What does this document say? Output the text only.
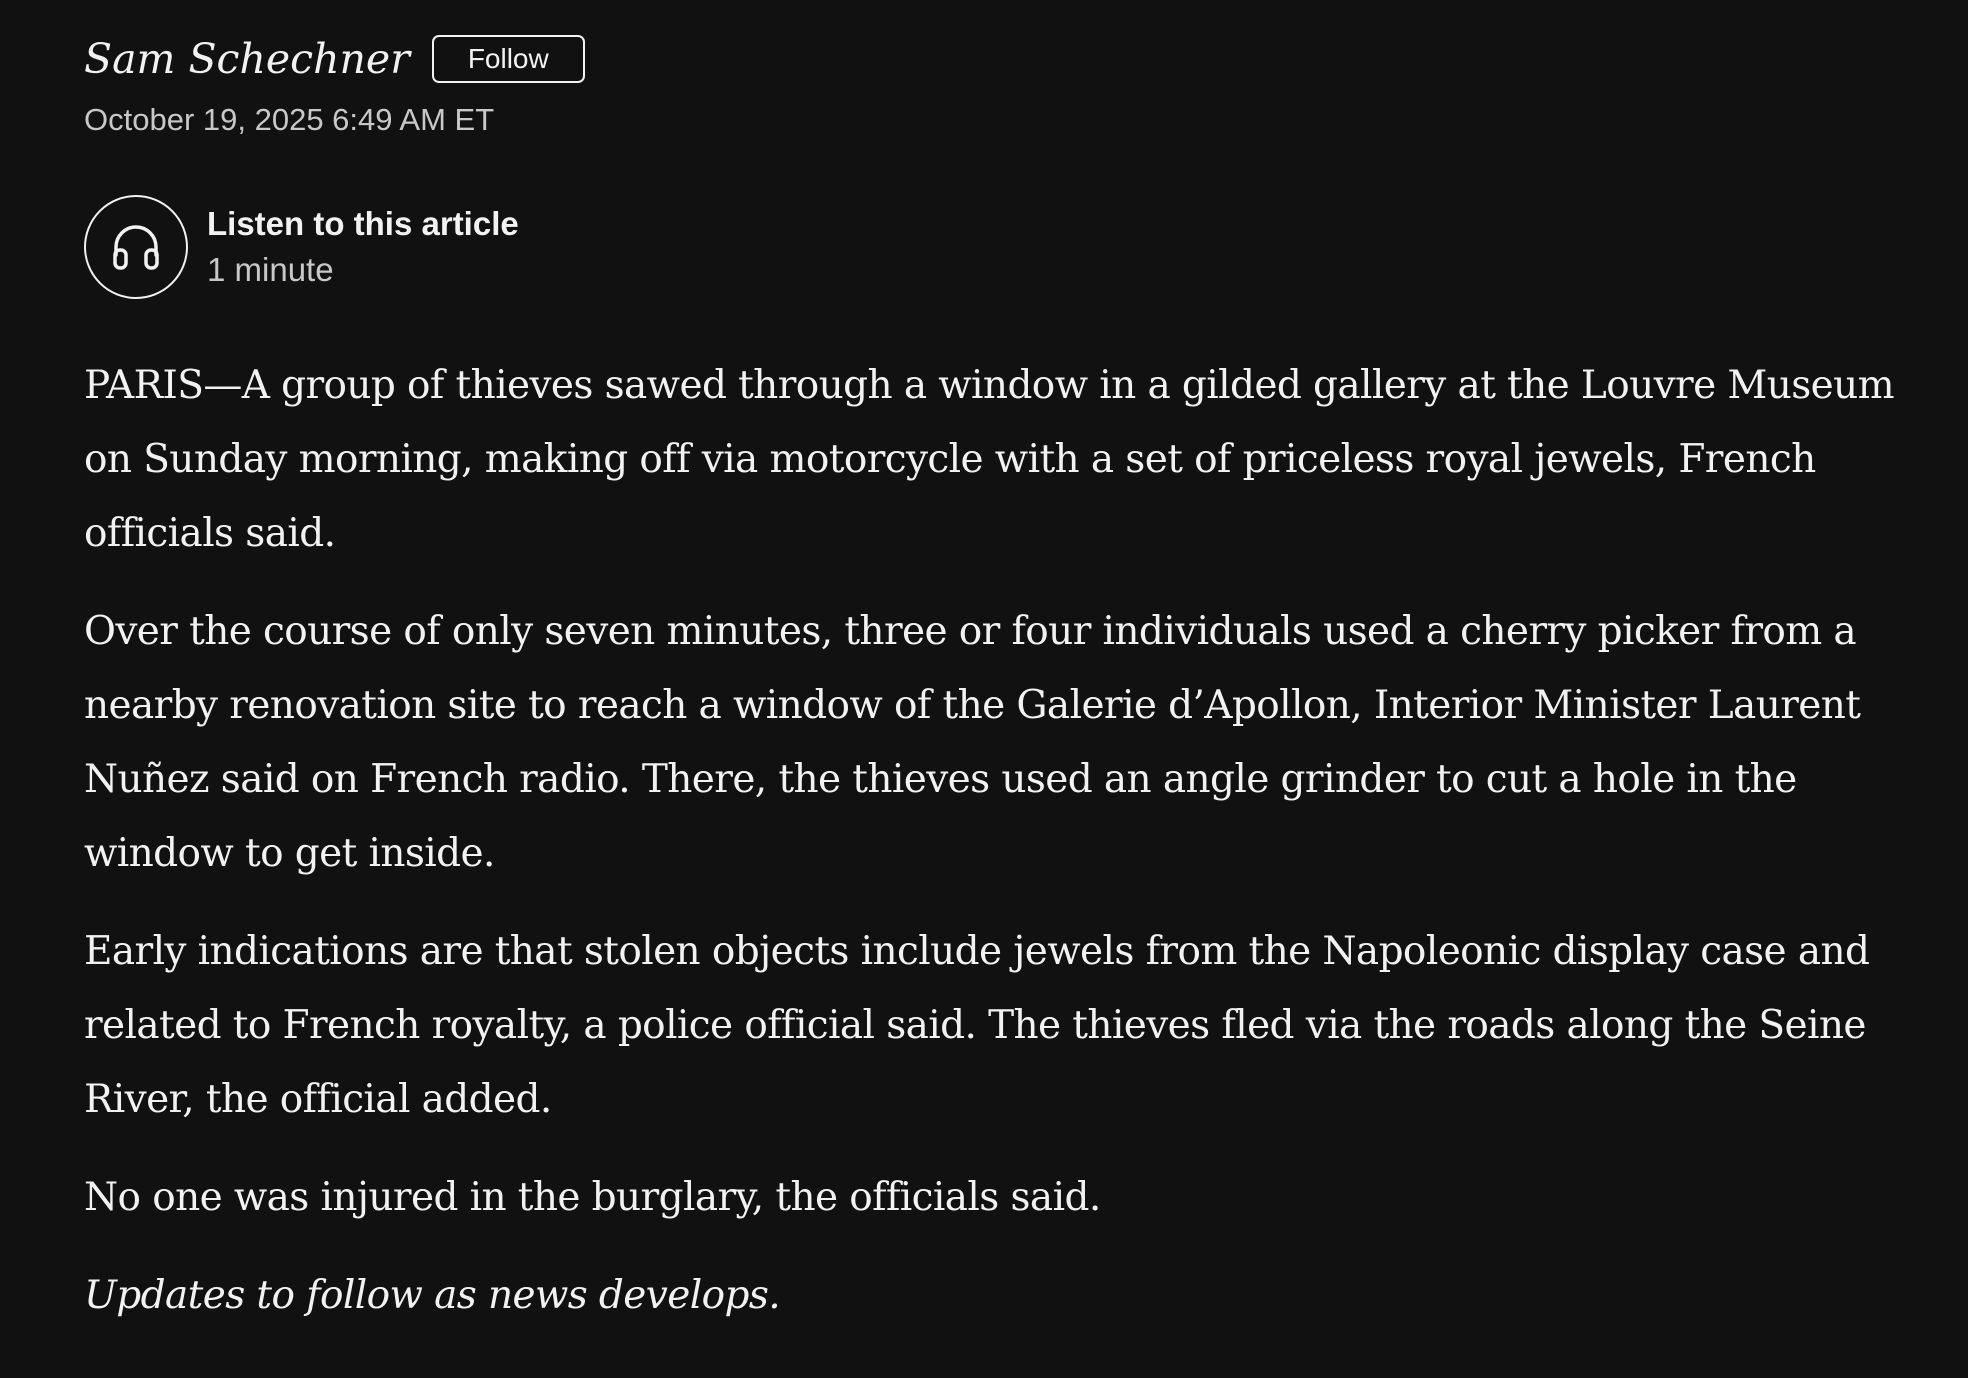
Sam Schechner	Follow
October 19, 2025 6:49 AM ET
Listen to this article
1 minute

PARIS—A group of thieves sawed through a window in a gilded gallery at the Louvre Museum on Sunday morning, making off via motorcycle with a set of priceless royal jewels, French officials said.

Over the course of only seven minutes, three or four individuals used a cherry picker from a nearby renovation site to reach a window of the Galerie d’Apollon, Interior Minister Laurent Nuñez said on French radio. There, the thieves used an angle grinder to cut a hole in the window to get inside.

Early indications are that stolen objects include jewels from the Napoleonic display case and related to French royalty, a police official said. The thieves fled via the roads along the Seine River, the official added.

No one was injured in the burglary, the officials said.

Updates to follow as news develops.
